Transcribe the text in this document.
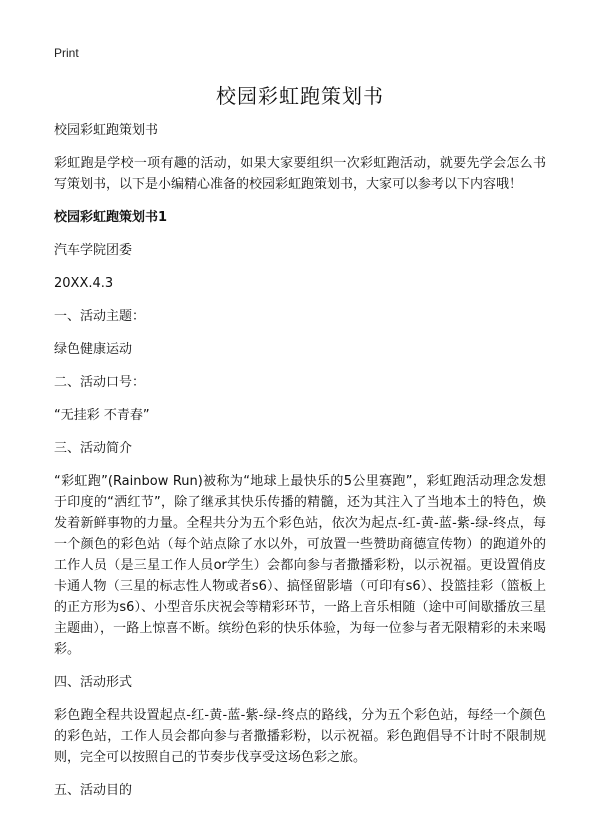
Print
校园彩虹跑策划书

校园彩虹跑策划书

彩虹跑是学校一项有趣的活动，如果大家要组织一次彩虹跑活动，就要先学会怎么书写策划书，以下是小编精心准备的校园彩虹跑策划书，大家可以参考以下内容哦！

校园彩虹跑策划书1

汽车学院团委

20XX.4.3

一、活动主题：

绿色健康运动

二、活动口号：

“无挂彩 不青春”

三、活动简介

“彩虹跑”(Rainbow Run)被称为“地球上最快乐的5公里赛跑”，彩虹跑活动理念发想于印度的“洒红节”，除了继承其快乐传播的精髓，还为其注入了当地本土的特色，焕发着新鲜事物的力量。全程共分为五个彩色站，依次为起点-红-黄-蓝-紫-绿-终点，每一个颜色的彩色站（每个站点除了水以外，可放置一些赞助商德宣传物）的跑道外的工作人员（是三星工作人员or学生）会都向参与者撒播彩粉，以示祝福。更设置俏皮卡通人物（三星的标志性人物或者s6）、搞怪留影墙（可印有s6）、投篮挂彩（篮板上的正方形为s6）、小型音乐庆祝会等精彩环节，一路上音乐相随（途中可间歇播放三星主题曲），一路上惊喜不断。缤纷色彩的快乐体验，为每一位参与者无限精彩的未来喝彩。

四、活动形式

彩色跑全程共设置起点-红-黄-蓝-紫-绿-终点的路线，分为五个彩色站，每经一个颜色的彩色站，工作人员会都向参与者撒播彩粉，以示祝福。彩色跑倡导不计时不限制规则，完全可以按照自己的节奏步伐享受这场色彩之旅。

五、活动目的
